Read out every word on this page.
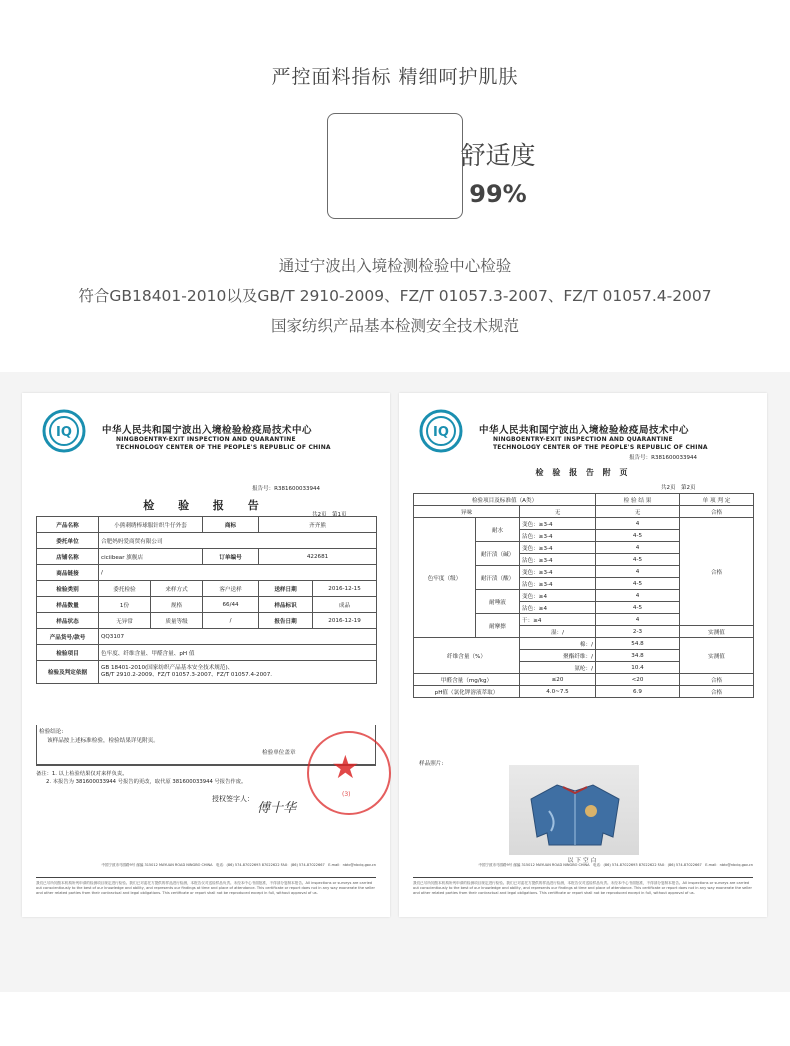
严控面料指标 精细呵护肌肤
舒适度
99%
通过宁波出入境检测检验中心检验
符合GB18401-2010以及GB/T 2910-2009、FZ/T 01057.3-2007、FZ/T 01057.4-2007
国家纺织产品基本检测安全技术规范
IQ	中华人民共和国宁波出入境检验检疫局技术中心
NINGBOENTRY-EXIT INSPECTION AND QUARANTINE
TECHNOLOGY CENTER OF THE PEOPLE'S REPUBLIC OF CHINA
报告号：R381600033944
检 验 报 告
共2页　第1页
产品名称	小熊刺绣棒球服针织牛仔外套		商标	齐齐熊	
委托单位	合肥妈妈爱商贸有限公司				
店铺名称	ciciibear 旗舰店		订单编号	422681	
商品链接	/				
检验类别	委托检验	来样方式	客户送样	送样日期	2016-12-15
样品数量	1份	规格	66/44	样品标识	成品
样品状态	无异常	质量等级	/	报告日期	2016-12-19
产品货号/款号	QQ3107				
检验项目	色牢度、纤维含量、甲醛含量、pH 值				
检验及判定依据	GB 18401-2010(国家纺织产品基本安全技术规范)、
GB/T 2910.2-2009、FZ/T 01057.3-2007、FZ/T 01057.4-2007.				
检验结论:
该样品按上述标准检验，检验结果详见附页。
检验单位盖章
备注：1. 以上检验结果仅对来样负责。
2. 本报告为 381600033944 号报告的更改，取代原 381600033944 号报告作废。
授权签字人：
傅十华
★
(3)
中国宁波市马园路9号 邮编 315012 MAYUAN ROAD NINGBO CHINA　电话：(86) 574-87022693 87022622 FAX：(86) 574-87022667　E-mail：nbtc@nbciq.gov.cn
我们已尽所知按本机构所列申请的检测项目规定进行检验。我们已对委托方提供的样品进行检测，本报告仅对送检样品负责。未经本中心书面批准，不得部分复制本报告。All inspections or surveys are carried out conscientiously to the best of our knowledge and ability, and represents our findings at time and place of attendance. This certificate or report does not in any way exonerate the seller and other related parties from their contractual and legal obligations. This certificate or report shall not be reproduced except in full, without approval of us.
IQ	中华人民共和国宁波出入境检验检疫局技术中心
NINGBOENTRY-EXIT INSPECTION AND QUARANTINE
TECHNOLOGY CENTER OF THE PEOPLE'S REPUBLIC OF CHINA
报告号：R381600033944
检 验 报 告 附 页
共2页　第2页
检验项目及标准值（A类）			检 验 结 果	单 项 判 定
异味		无	无	合格
色牢度（级）	耐水	变色：≥3-4	4	合格
		沾色：≥3-4	4-5	
	耐汗渍（碱）	变色：≥3-4	4	
		沾色：≥3-4	4-5	
	耐汗渍（酸）	变色：≥3-4	4	
		沾色：≥3-4	4-5	
	耐唾液	变色：≥4	4	
		沾色：≥4	4-5	
	耐摩擦	干：≥4	4	
		湿：/	2-3	实测值
纤维含量（%）		棉：/	54.8	实测值
		聚酯纤维：/	34.8	
		氨纶：/	10.4	
甲醛含量（mg/kg）		≤20	<20	合格
pH值（氯化钾溶液萃取）		4.0~7.5	6.9	合格
样品照片:
以下空白
中国宁波市马园路9号 邮编 315012 MAYUAN ROAD NINGBO CHINA　电话：(86) 574-87022693 87022622 FAX：(86) 574-87022667　E-mail：nbtc@nbciq.gov.cn
我们已尽所知按本机构所列申请的检测项目规定进行检验。我们已对委托方提供的样品进行检测，本报告仅对送检样品负责。未经本中心书面批准，不得部分复制本报告。All inspections or surveys are carried out conscientiously to the best of our knowledge and ability, and represents our findings at time and place of attendance. This certificate or report does not in any way exonerate the seller and other related parties from their contractual and legal obligations. This certificate or report shall not be reproduced except in full, without approval of us.
